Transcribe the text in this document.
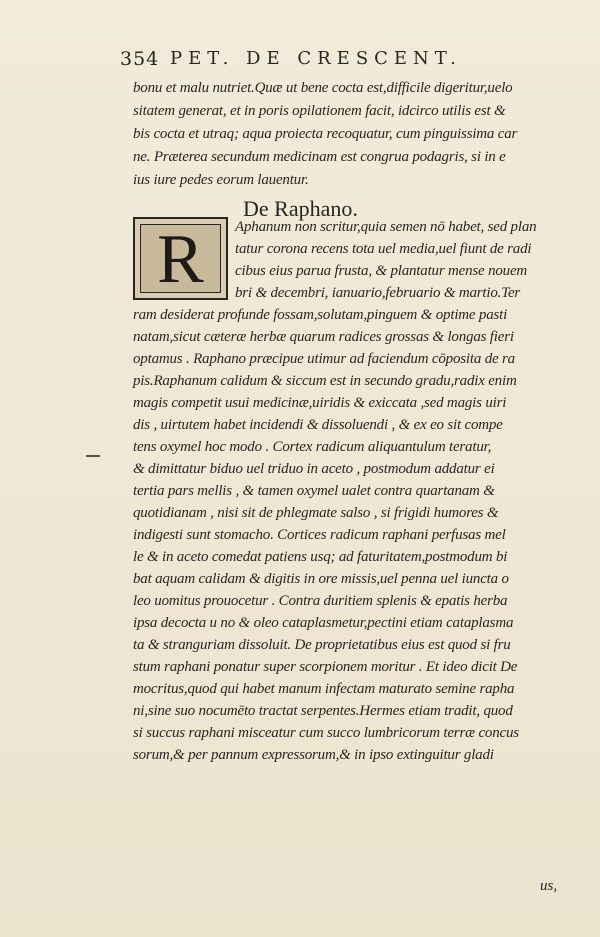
354 PET. DE CRESCENT.
bonu et malu nutriet.Quæ ut bene cocta est,difficile digeritur,uelo
sitatem generat, et in poris opilationem facit, idcirco utilis est &
bis cocta et utraq; aqua proiecta recoquatur, cum pinguissima car
ne. Præterea secundum medicinam est congrua podagris, si in e
ius iure pedes eorum lauentur.
De Raphano.
R	Aphanum non scritur,quia semen nō habet, sed plan
tatur corona recens tota uel media,uel fiunt de radi
cibus eius parua frusta, & plantatur mense nouem
bri & decembri, ianuario,februario & martio.Ter
ram desiderat profunde fossam,solutam,pinguem & optime pasti
natam,sicut cæteræ herbæ quarum radices grossas & longas fieri
optamus . Raphano præcipue utimur ad faciendum cōposita de ra
pis.Raphanum calidum & siccum est in secundo gradu,radix enim
magis competit usui medicinæ,uiridis & exiccata ,sed magis uiri
dis , uirtutem habet incidendi & dissoluendi , & ex eo sit compe
tens oxymel hoc modo . Cortex radicum aliquantulum teratur,
& dimittatur biduo uel triduo in aceto , postmodum addatur ei
tertia pars mellis , & tamen oxymel ualet contra quartanam &
quotidianam , nisi sit de phlegmate salso , si frigidi humores &
indigesti sunt stomacho. Cortices radicum raphani perfusas mel
le & in aceto comedat patiens usq; ad faturitatem,postmodum bi
bat aquam calidam & digitis in ore missis,uel penna uel iuncta o
leo uomitus prouocetur . Contra duritiem splenis & epatis herba
ipsa decocta u no & oleo cataplasmetur,pectini etiam cataplasma
ta & stranguriam dissoluit. De proprietatibus eius est quod si fru
stum raphani ponatur super scorpionem moritur . Et ideo dicit De
mocritus,quod qui habet manum infectam maturato semine rapha
ni,sine suo nocumēto tractat serpentes.Hermes etiam tradit, quod
si succus raphani misceatur cum succo lumbricorum terræ concus
sorum,& per pannum expressorum,& in ipso extinguitur gladi
us,
